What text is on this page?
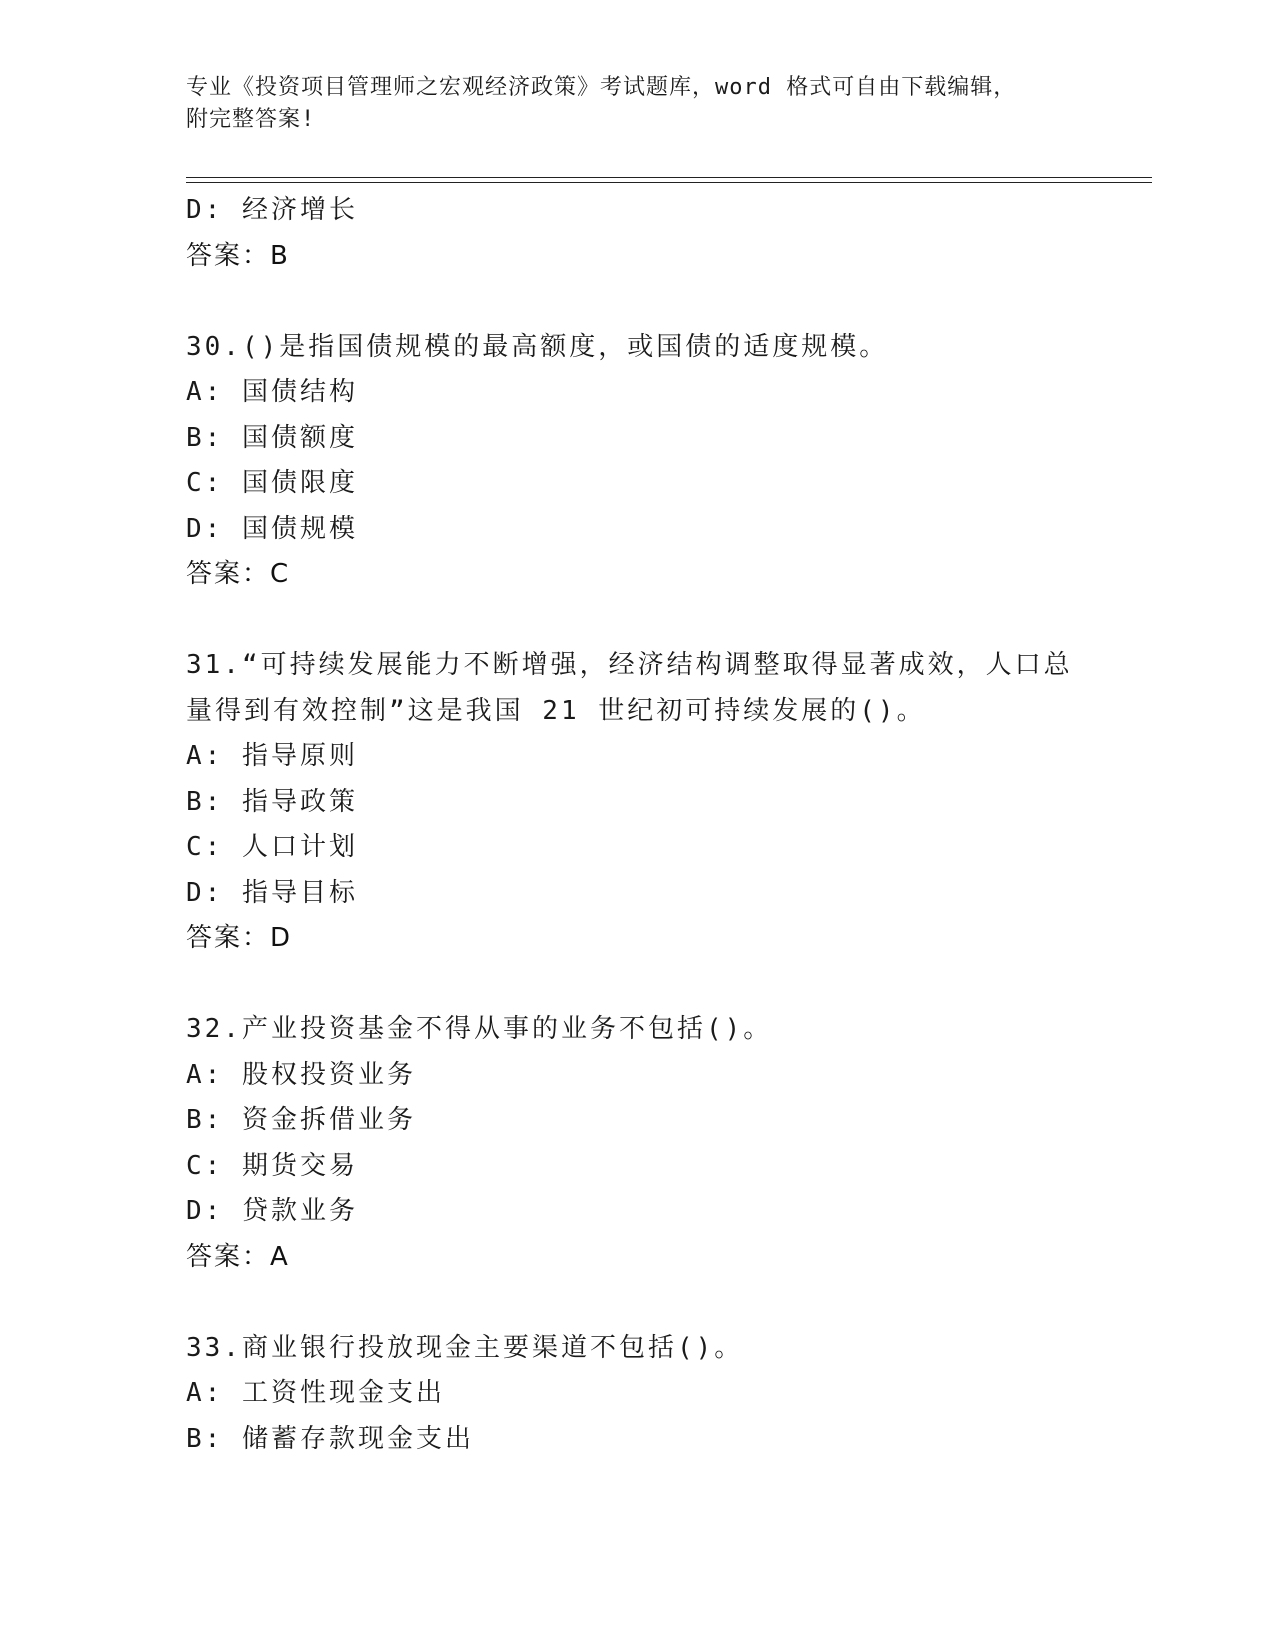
专业《投资项目管理师之宏观经济政策》考试题库，word 格式可自由下载编辑，
附完整答案!
D: 经济增长
答案：B
30.()是指国债规模的最高额度，或国债的适度规模。
A: 国债结构
B: 国债额度
C: 国债限度
D: 国债规模
答案：C
31.“可持续发展能力不断增强，经济结构调整取得显著成效，人口总
量得到有效控制”这是我国 21 世纪初可持续发展的()。
A: 指导原则
B: 指导政策
C: 人口计划
D: 指导目标
答案：D
32.产业投资基金不得从事的业务不包括()。
A: 股权投资业务
B: 资金拆借业务
C: 期货交易
D: 贷款业务
答案：A
33.商业银行投放现金主要渠道不包括()。
A: 工资性现金支出
B: 储蓄存款现金支出
